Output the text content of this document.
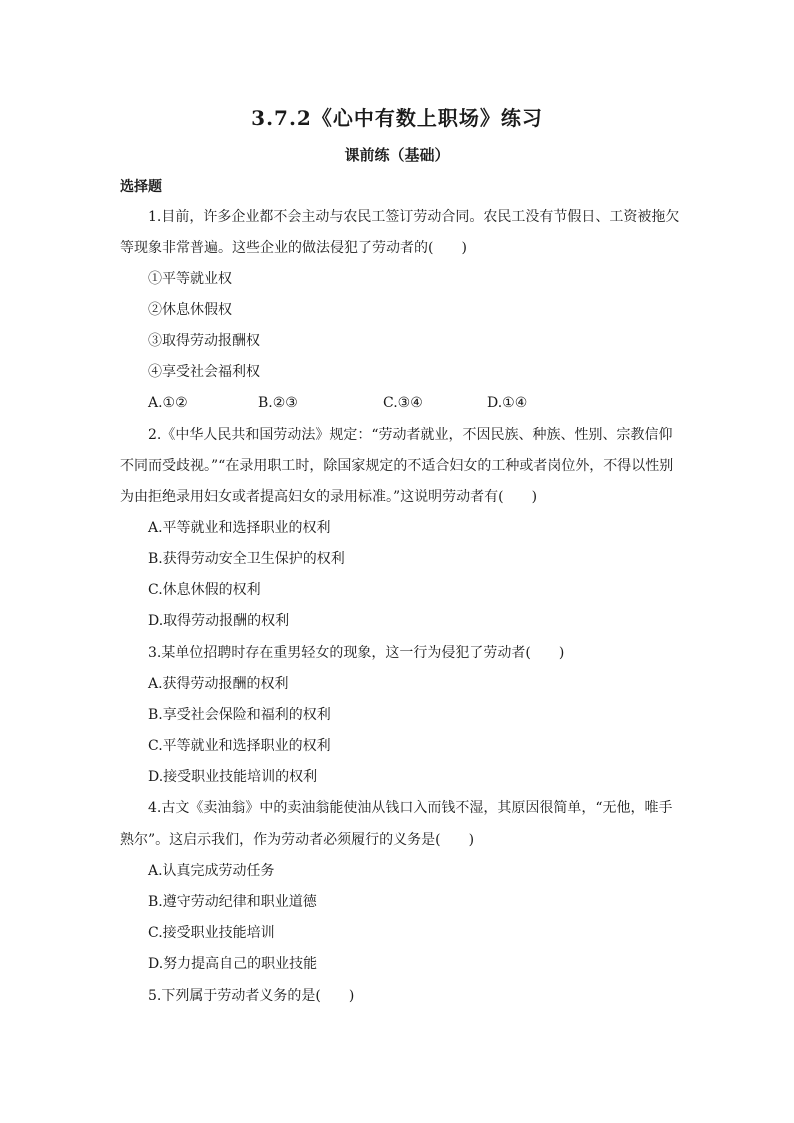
3.7.2《心中有数上职场》练习
课前练（基础）
选择题
1.目前，许多企业都不会主动与农民工签订劳动合同。农民工没有节假日、工资被拖欠
等现象非常普遍。这些企业的做法侵犯了劳动者的(　　)
①平等就业权
②休息休假权
③取得劳动报酬权
④享受社会福利权
A.①②	B.②③	C.③④	D.①④
2.《中华人民共和国劳动法》规定：“劳动者就业，不因民族、种族、性别、宗教信仰
不同而受歧视。”“在录用职工时，除国家规定的不适合妇女的工种或者岗位外，不得以性别
为由拒绝录用妇女或者提高妇女的录用标准。”这说明劳动者有(　　)
A.平等就业和选择职业的权利
B.获得劳动安全卫生保护的权利
C.休息休假的权利
D.取得劳动报酬的权利
3.某单位招聘时存在重男轻女的现象，这一行为侵犯了劳动者(　　)
A.获得劳动报酬的权利
B.享受社会保险和福利的权利
C.平等就业和选择职业的权利
D.接受职业技能培训的权利
4.古文《卖油翁》中的卖油翁能使油从钱口入而钱不湿，其原因很简单，“无他，唯手
熟尔”。这启示我们，作为劳动者必须履行的义务是(　　)
A.认真完成劳动任务
B.遵守劳动纪律和职业道德
C.接受职业技能培训
D.努力提高自己的职业技能
5.下列属于劳动者义务的是(　　)
